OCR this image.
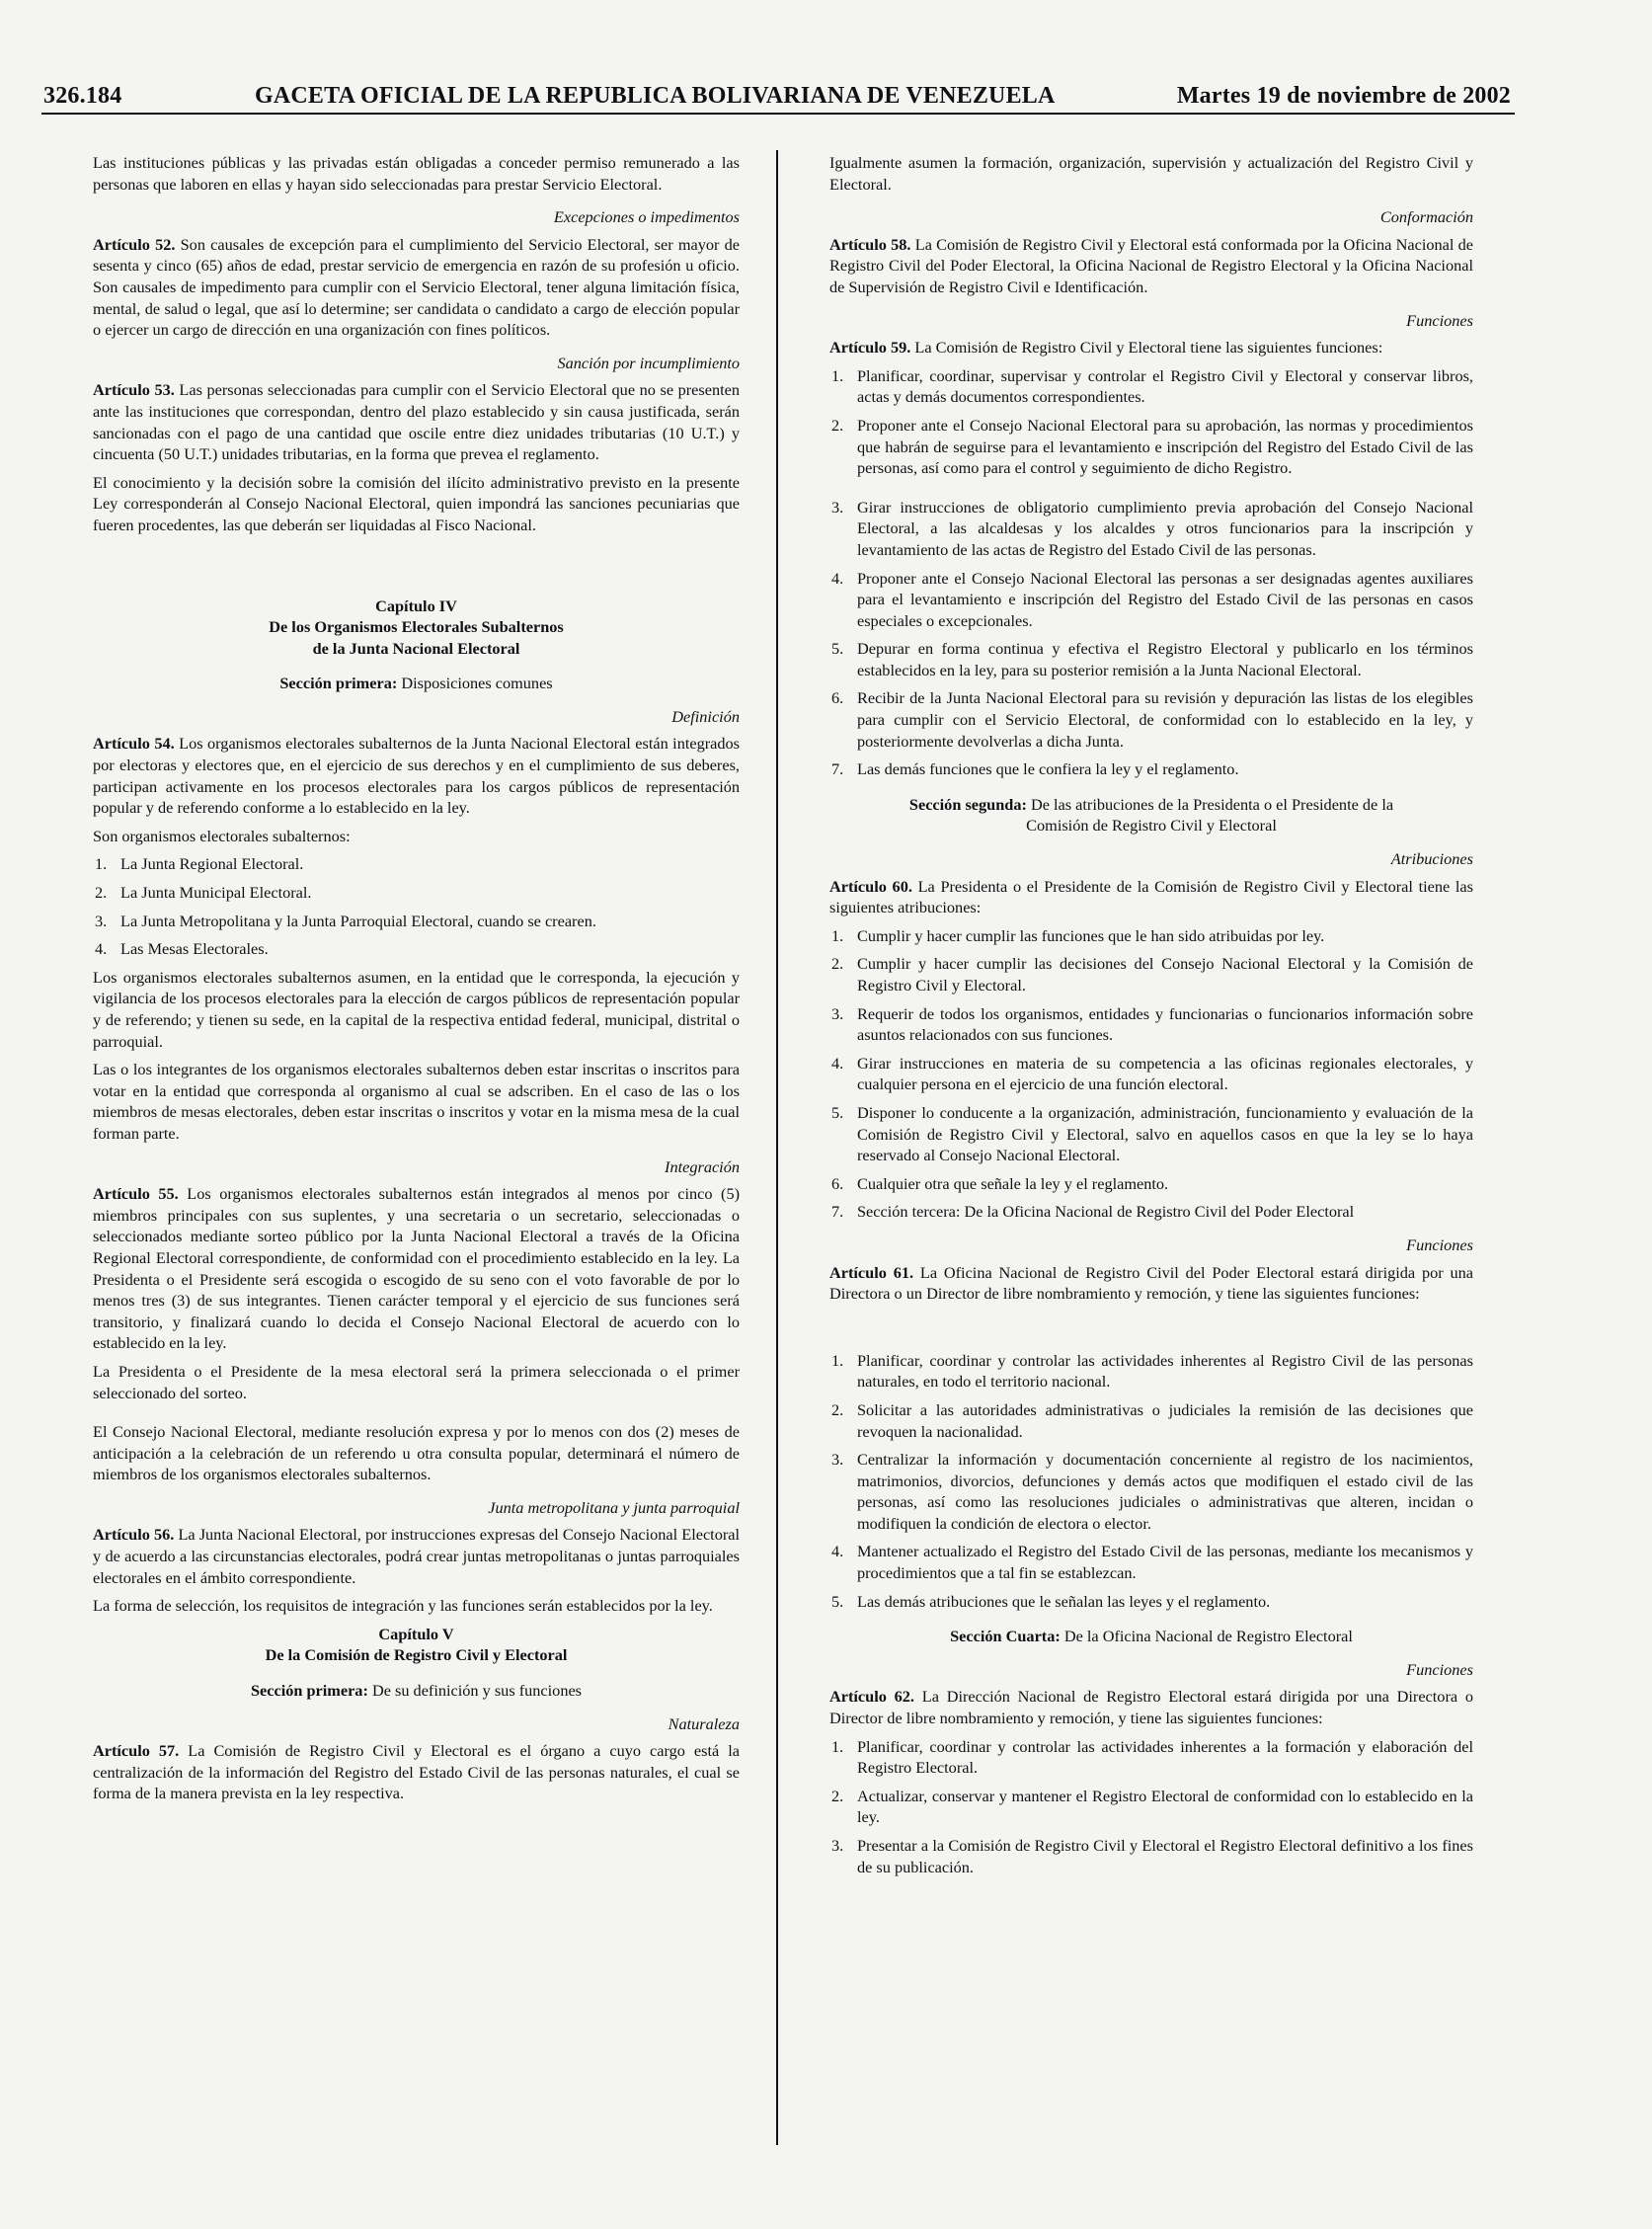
326.184	GACETA OFICIAL DE LA REPUBLICA BOLIVARIANA DE VENEZUELA	Martes 19 de noviembre de 2002

Las instituciones públicas y las privadas están obligadas a conceder permiso remunerado a las personas que laboren en ellas y hayan sido seleccionadas para prestar Servicio Electoral.

Excepciones o impedimentos

Artículo 52. Son causales de excepción para el cumplimiento del Servicio Electoral, ser mayor de sesenta y cinco (65) años de edad, prestar servicio de emergencia en razón de su profesión u oficio. Son causales de impedimento para cumplir con el Servicio Electoral, tener alguna limitación física, mental, de salud o legal, que así lo determine; ser candidata o candidato a cargo de elección popular o ejercer un cargo de dirección en una organización con fines políticos.

Sanción por incumplimiento

Artículo 53. Las personas seleccionadas para cumplir con el Servicio Electoral que no se presenten ante las instituciones que correspondan, dentro del plazo establecido y sin causa justificada, serán sancionadas con el pago de una cantidad que oscile entre diez unidades tributarias (10 U.T.) y cincuenta (50 U.T.) unidades tributarias, en la forma que prevea el reglamento.

El conocimiento y la decisión sobre la comisión del ilícito administrativo previsto en la presente Ley corresponderán al Consejo Nacional Electoral, quien impondrá las sanciones pecuniarias que fueren procedentes, las que deberán ser liquidadas al Fisco Nacional.

Capítulo IV
De los Organismos Electorales Subalternos
de la Junta Nacional Electoral
Sección primera: Disposiciones comunes
Definición

Artículo 54. Los organismos electorales subalternos de la Junta Nacional Electoral están integrados por electoras y electores que, en el ejercicio de sus derechos y en el cumplimiento de sus deberes, participan activamente en los procesos electorales para los cargos públicos de representación popular y de referendo conforme a lo establecido en la ley.

Son organismos electorales subalternos:

1. La Junta Regional Electoral.
2. La Junta Municipal Electoral.
3. La Junta Metropolitana y la Junta Parroquial Electoral, cuando se crearen.
4. Las Mesas Electorales.

Los organismos electorales subalternos asumen, en la entidad que le corresponda, la ejecución y vigilancia de los procesos electorales para la elección de cargos públicos de representación popular y de referendo; y tienen su sede, en la capital de la respectiva entidad federal, municipal, distrital o parroquial.

Las o los integrantes de los organismos electorales subalternos deben estar inscritas o inscritos para votar en la entidad que corresponda al organismo al cual se adscriben. En el caso de las o los miembros de mesas electorales, deben estar inscritas o inscritos y votar en la misma mesa de la cual forman parte.

Integración

Artículo 55. Los organismos electorales subalternos están integrados al menos por cinco (5) miembros principales con sus suplentes, y una secretaria o un secretario, seleccionadas o seleccionados mediante sorteo público por la Junta Nacional Electoral a través de la Oficina Regional Electoral correspondiente, de conformidad con el procedimiento establecido en la ley. La Presidenta o el Presidente será escogida o escogido de su seno con el voto favorable de por lo menos tres (3) de sus integrantes. Tienen carácter temporal y el ejercicio de sus funciones será transitorio, y finalizará cuando lo decida el Consejo Nacional Electoral de acuerdo con lo establecido en la ley.

La Presidenta o el Presidente de la mesa electoral será la primera seleccionada o el primer seleccionado del sorteo.

El Consejo Nacional Electoral, mediante resolución expresa y por lo menos con dos (2) meses de anticipación a la celebración de un referendo u otra consulta popular, determinará el número de miembros de los organismos electorales subalternos.

Junta metropolitana y junta parroquial

Artículo 56. La Junta Nacional Electoral, por instrucciones expresas del Consejo Nacional Electoral y de acuerdo a las circunstancias electorales, podrá crear juntas metropolitanas o juntas parroquiales electorales en el ámbito correspondiente.

La forma de selección, los requisitos de integración y las funciones serán establecidos por la ley.

Capítulo V
De la Comisión de Registro Civil y Electoral
Sección primera: De su definición y sus funciones
Naturaleza

Artículo 57. La Comisión de Registro Civil y Electoral es el órgano a cuyo cargo está la centralización de la información del Registro del Estado Civil de las personas naturales, el cual se forma de la manera prevista en la ley respectiva.

Igualmente asumen la formación, organización, supervisión y actualización del Registro Civil y Electoral.

Conformación

Artículo 58. La Comisión de Registro Civil y Electoral está conformada por la Oficina Nacional de Registro Civil del Poder Electoral, la Oficina Nacional de Registro Electoral y la Oficina Nacional de Supervisión de Registro Civil e Identificación.

Funciones

Artículo 59. La Comisión de Registro Civil y Electoral tiene las siguientes funciones:

1. Planificar, coordinar, supervisar y controlar el Registro Civil y Electoral y conservar libros, actas y demás documentos correspondientes.
2. Proponer ante el Consejo Nacional Electoral para su aprobación, las normas y procedimientos que habrán de seguirse para el levantamiento e inscripción del Registro del Estado Civil de las personas, así como para el control y seguimiento de dicho Registro.
3. Girar instrucciones de obligatorio cumplimiento previa aprobación del Consejo Nacional Electoral, a las alcaldesas y los alcaldes y otros funcionarios para la inscripción y levantamiento de las actas de Registro del Estado Civil de las personas.
4. Proponer ante el Consejo Nacional Electoral las personas a ser designadas agentes auxiliares para el levantamiento e inscripción del Registro del Estado Civil de las personas en casos especiales o excepcionales.
5. Depurar en forma continua y efectiva el Registro Electoral y publicarlo en los términos establecidos en la ley, para su posterior remisión a la Junta Nacional Electoral.
6. Recibir de la Junta Nacional Electoral para su revisión y depuración las listas de los elegibles para cumplir con el Servicio Electoral, de conformidad con lo establecido en la ley, y posteriormente devolverlas a dicha Junta.
7. Las demás funciones que le confiera la ley y el reglamento.
Sección segunda: De las atribuciones de la Presidenta o el Presidente de la
Comisión de Registro Civil y Electoral
Atribuciones

Artículo 60. La Presidenta o el Presidente de la Comisión de Registro Civil y Electoral tiene las siguientes atribuciones:

1. Cumplir y hacer cumplir las funciones que le han sido atribuidas por ley.
2. Cumplir y hacer cumplir las decisiones del Consejo Nacional Electoral y la Comisión de Registro Civil y Electoral.
3. Requerir de todos los organismos, entidades y funcionarias o funcionarios información sobre asuntos relacionados con sus funciones.
4. Girar instrucciones en materia de su competencia a las oficinas regionales electorales, y cualquier persona en el ejercicio de una función electoral.
5. Disponer lo conducente a la organización, administración, funcionamiento y evaluación de la Comisión de Registro Civil y Electoral, salvo en aquellos casos en que la ley se lo haya reservado al Consejo Nacional Electoral.
6. Cualquier otra que señale la ley y el reglamento.
7. Sección tercera: De la Oficina Nacional de Registro Civil del Poder Electoral
Funciones

Artículo 61. La Oficina Nacional de Registro Civil del Poder Electoral estará dirigida por una Directora o un Director de libre nombramiento y remoción, y tiene las siguientes funciones:

1. Planificar, coordinar y controlar las actividades inherentes al Registro Civil de las personas naturales, en todo el territorio nacional.
2. Solicitar a las autoridades administrativas o judiciales la remisión de las decisiones que revoquen la nacionalidad.
3. Centralizar la información y documentación concerniente al registro de los nacimientos, matrimonios, divorcios, defunciones y demás actos que modifiquen el estado civil de las personas, así como las resoluciones judiciales o administrativas que alteren, incidan o modifiquen la condición de electora o elector.
4. Mantener actualizado el Registro del Estado Civil de las personas, mediante los mecanismos y procedimientos que a tal fin se establezcan.
5. Las demás atribuciones que le señalan las leyes y el reglamento.
Sección Cuarta: De la Oficina Nacional de Registro Electoral
Funciones

Artículo 62. La Dirección Nacional de Registro Electoral estará dirigida por una Directora o Director de libre nombramiento y remoción, y tiene las siguientes funciones:

1. Planificar, coordinar y controlar las actividades inherentes a la formación y elaboración del Registro Electoral.
2. Actualizar, conservar y mantener el Registro Electoral de conformidad con lo establecido en la ley.
3. Presentar a la Comisión de Registro Civil y Electoral el Registro Electoral definitivo a los fines de su publicación.
